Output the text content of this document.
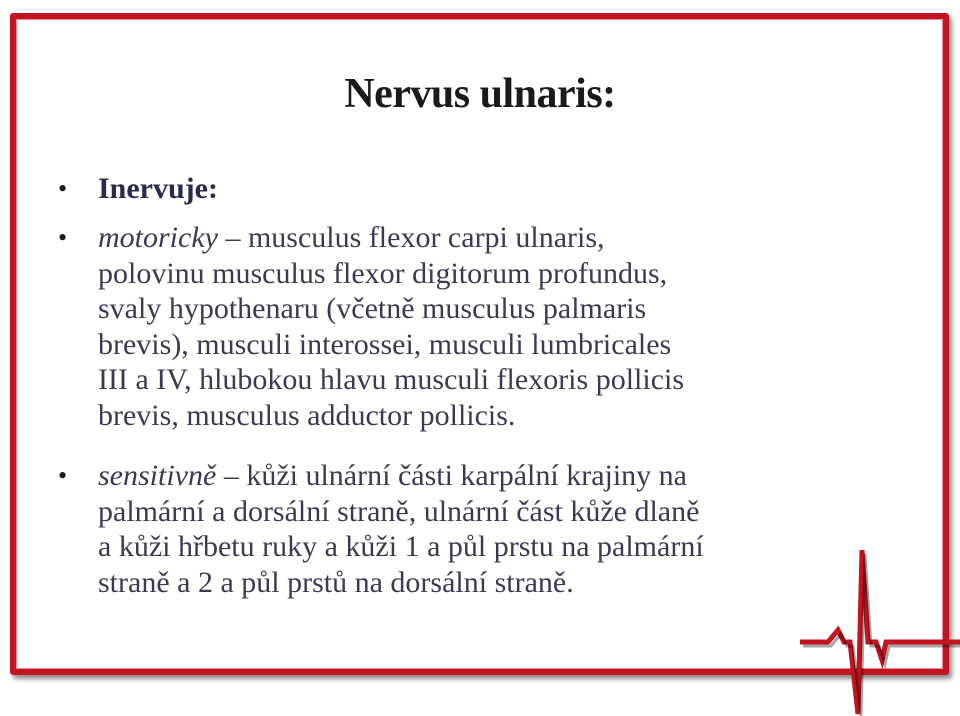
Nervus ulnaris:
• Inervuje:
• motoricky – musculus flexor carpi ulnaris,
polovinu musculus flexor digitorum profundus,
svaly hypothenaru (včetně musculus palmaris
brevis), musculi interossei, musculi lumbricales
III a IV, hlubokou hlavu musculi flexoris pollicis
brevis, musculus adductor pollicis.
• sensitivně – kůži ulnární části karpální krajiny na
palmární a dorsální straně, ulnární část kůže dlaně
a kůži hřbetu ruky a kůži 1 a půl prstu na palmární
straně a 2 a půl prstů na dorsální straně.
